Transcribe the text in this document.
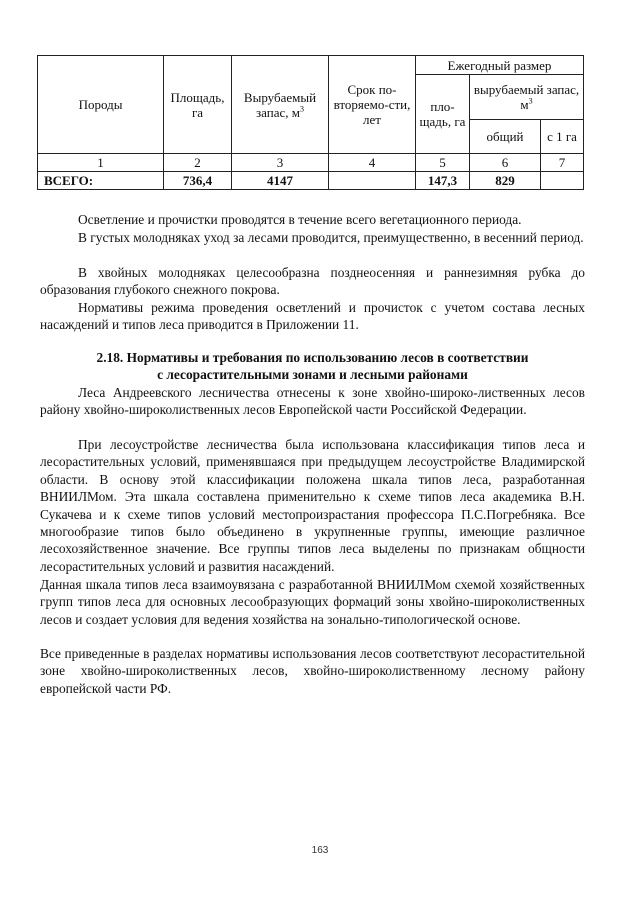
Породы	Площадь, га	Вырубаемый запас, $м^3$	Срок по-вторяемо-сти, лет	Ежегодный размер		
				пло-щадь, га	вырубаемый запас, $м^3$
					общий	с 1 га
1	2	3	4	5	6	7
ВСЕГО:	736,4	4147		147,3	829	

Осветление и прочистки проводятся в течение всего вегетационного периода.

В густых молодняках уход за лесами проводится, преимущественно, в весенний период.

В хвойных молодняках целесообразна позднеосенняя и раннезимняя рубка до образования глубокого снежного покрова.

Нормативы режима проведения осветлений и прочисток с учетом состава лесных насаждений и типов леса приводится в Приложении 11.

2.18. Нормативы и требования по использованию лесов в соответствии

с лесорастительными зонами и лесными районами

Леса Андреевского лесничества отнесены к зоне хвойно-широко-лиственных лесов району хвойно-широколиственных лесов Европейской части Российской Федерации.

При лесоустройстве лесничества была использована классификация типов леса и лесорастительных условий, применявшаяся при предыдущем лесоустройстве Владимирской области. В основу этой классификации положена шкала типов леса, разработанная ВНИИЛМом. Эта шкала составлена применительно к схеме типов леса академика В.Н. Сукачева и к схеме типов условий местопроизрастания профессора П.С.Погребняка. Все многообразие типов было объединено в укрупненные группы, имеющие различное лесохозяйственное значение. Все группы типов леса выделены по признакам общности лесорастительных условий и развития насаждений.

Данная шкала типов леса взаимоувязана с разработанной ВНИИЛМом схемой хозяйственных групп типов леса для основных лесообразующих формаций зоны хвойно-широколиственных лесов и создает условия для ведения хозяйства на зонально-типологической основе.

Все приведенные в разделах нормативы использования лесов соответствуют лесорастительной зоне хвойно-широколиственных лесов, хвойно-широколиственному лесному району европейской части РФ.

163
